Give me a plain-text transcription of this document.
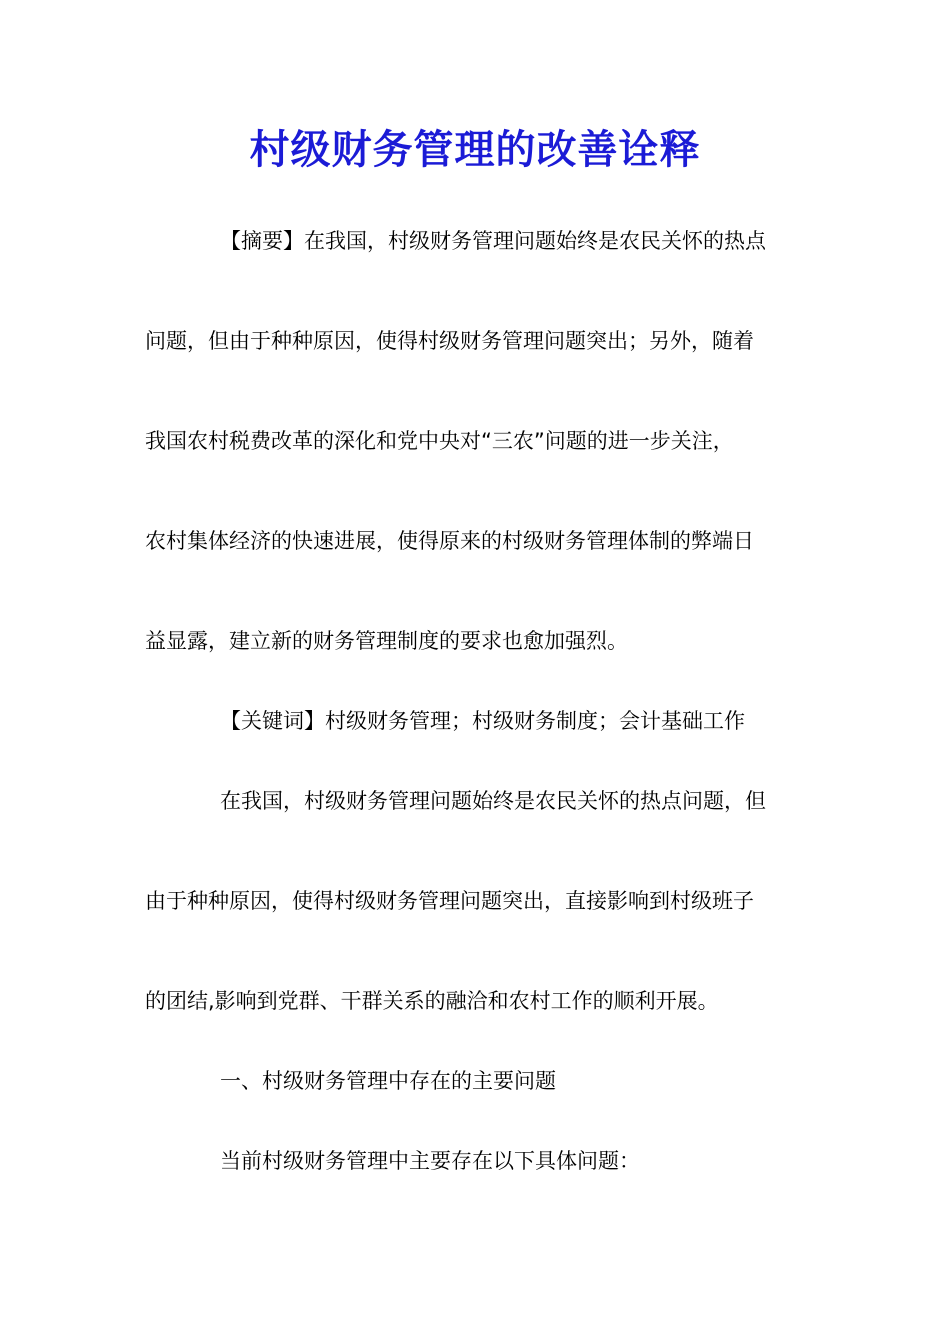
村级财务管理的改善诠释
【摘要】在我国，村级财务管理问题始终是农民关怀的热点
问题，但由于种种原因，使得村级财务管理问题突出；另外，随着
我国农村税费改革的深化和党中央对“三农”问题的进一步关注，
农村集体经济的快速进展，使得原来的村级财务管理体制的弊端日
益显露，建立新的财务管理制度的要求也愈加强烈。
【关键词】村级财务管理；村级财务制度；会计基础工作
在我国，村级财务管理问题始终是农民关怀的热点问题，但
由于种种原因，使得村级财务管理问题突出，直接影响到村级班子
的团结,影响到党群、干群关系的融洽和农村工作的顺利开展。
一、村级财务管理中存在的主要问题
当前村级财务管理中主要存在以下具体问题：
